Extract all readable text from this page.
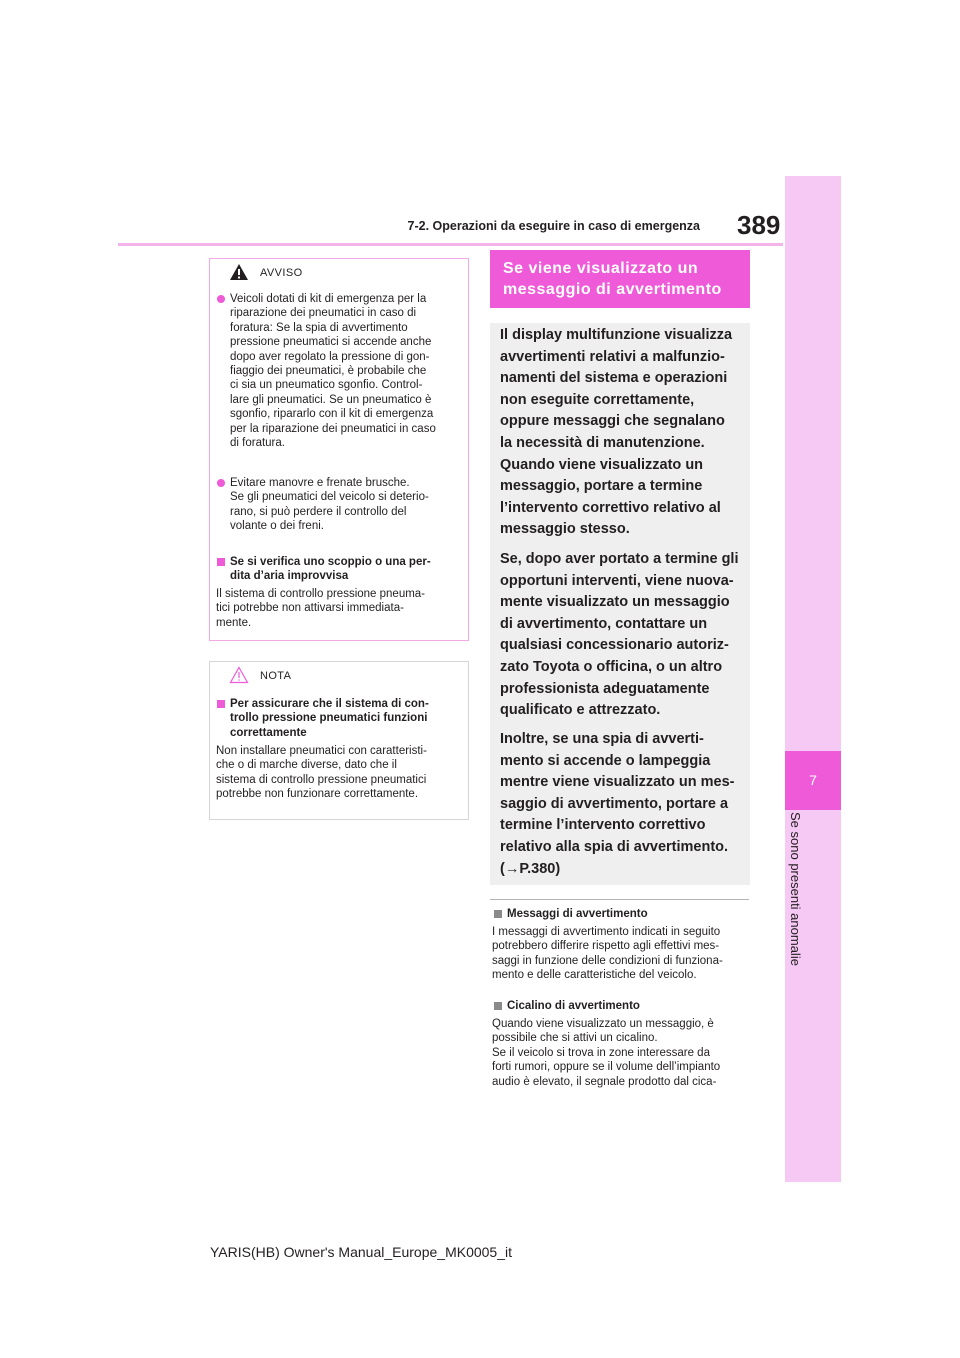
7
Se sono presenti anomalie
7-2. Operazioni da eseguire in caso di emergenza 389
AVVISO
Veicoli dotati di kit di emergenza per la
riparazione dei pneumatici in caso di
foratura: Se la spia di avvertimento
pressione pneumatici si accende anche
dopo aver regolato la pressione di gon-
fiaggio dei pneumatici, è probabile che
ci sia un pneumatico sgonfio. Control-
lare gli pneumatici. Se un pneumatico è
sgonfio, ripararlo con il kit di emergenza
per la riparazione dei pneumatici in caso
di foratura.
Evitare manovre e frenate brusche.
Se gli pneumatici del veicolo si deterio-
rano, si può perdere il controllo del
volante o dei freni.
Se si verifica uno scoppio o una per-
dita d’aria improvvisa
Il sistema di controllo pressione pneuma-
tici potrebbe non attivarsi immediata-
mente.
NOTA
Per assicurare che il sistema di con-
trollo pressione pneumatici funzioni
correttamente
Non installare pneumatici con caratteristi-
che o di marche diverse, dato che il
sistema di controllo pressione pneumatici
potrebbe non funzionare correttamente.
Se viene visualizzato un
messaggio di avvertimento
Il display multifunzione visualizza
avvertimenti relativi a malfunzio-
namenti del sistema e operazioni
non eseguite correttamente,
oppure messaggi che segnalano
la necessità di manutenzione.
Quando viene visualizzato un
messaggio, portare a termine
l’intervento correttivo relativo al
messaggio stesso.
Se, dopo aver portato a termine gli
opportuni interventi, viene nuova-
mente visualizzato un messaggio
di avvertimento, contattare un
qualsiasi concessionario autoriz-
zato Toyota o officina, o un altro
professionista adeguatamente
qualificato e attrezzato.
Inoltre, se una spia di avverti-
mento si accende o lampeggia
mentre viene visualizzato un mes-
saggio di avvertimento, portare a
termine l’intervento correttivo
relativo alla spia di avvertimento.
(→P.380)
Messaggi di avvertimento
I messaggi di avvertimento indicati in seguito
potrebbero differire rispetto agli effettivi mes-
saggi in funzione delle condizioni di funziona-
mento e delle caratteristiche del veicolo.
Cicalino di avvertimento
Quando viene visualizzato un messaggio, è
possibile che si attivi un cicalino.
Se il veicolo si trova in zone interessare da
forti rumori, oppure se il volume dell’impianto
audio è elevato, il segnale prodotto dal cica-
YARIS(HB) Owner's Manual_Europe_MK0005_it
